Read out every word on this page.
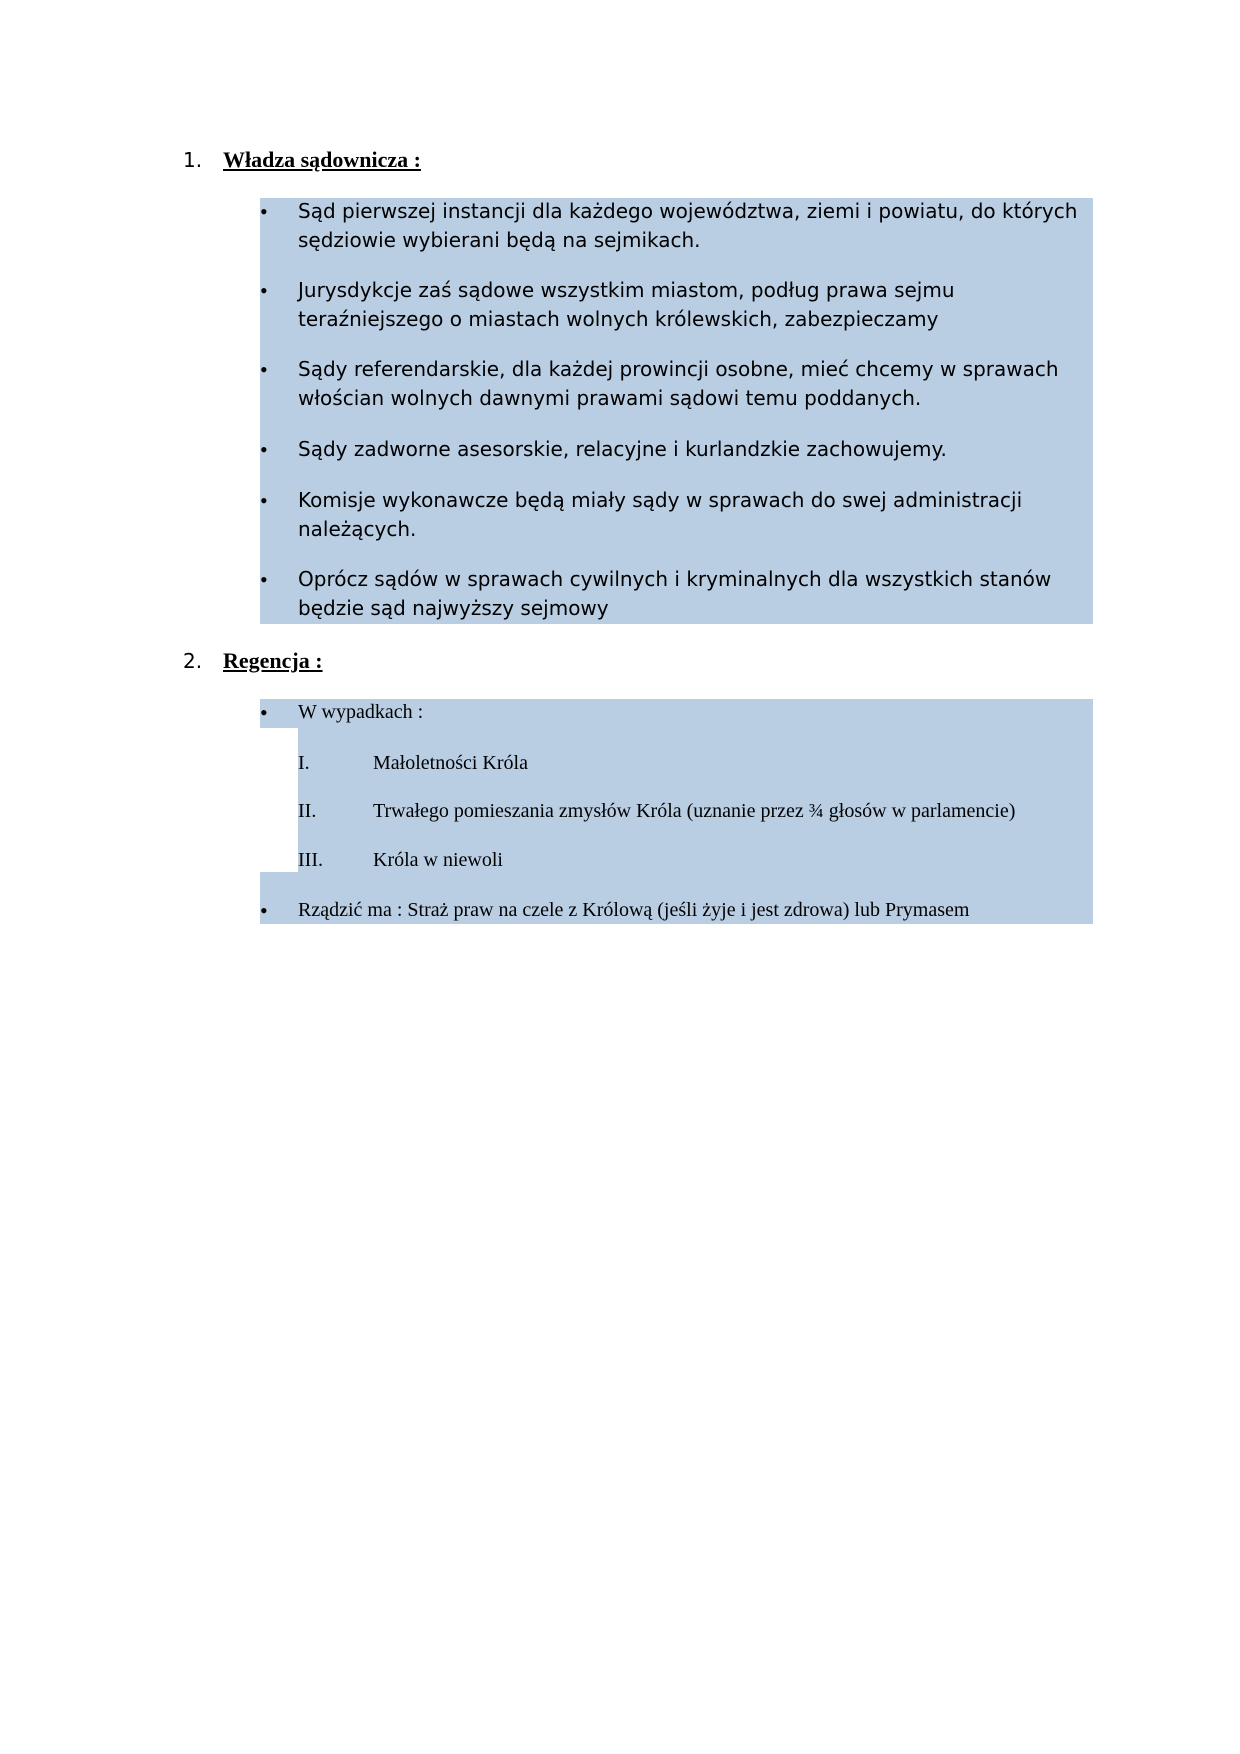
1. Władza sądownicza :
•
Sąd pierwszej instancji dla każdego województwa, ziemi i powiatu, do których sędziowie wybierani będą na sejmikach.
•
Jurysdykcje zaś sądowe wszystkim miastom, podług prawa sejmu teraźniejszego o miastach wolnych królewskich, zabezpieczamy
•
Sądy referendarskie, dla każdej prowincji osobne, mieć chcemy w sprawach włościan wolnych dawnymi prawami sądowi temu poddanych.
•
Sądy zadworne asesorskie, relacyjne i kurlandzkie zachowujemy.
•
Komisje wykonawcze będą miały sądy w sprawach do swej administracji należących.
•
Oprócz sądów w sprawach cywilnych i kryminalnych dla wszystkich stanów będzie sąd najwyższy sejmowy
2. Regencja :
•
W wypadkach :
I.	Małoletności Króla
II.	Trwałego pomieszania zmysłów Króla (uznanie przez ¾ głosów w parlamencie)
III.	Króla w niewoli
•
Rządzić ma : Straż praw na czele z Królową (jeśli żyje i jest zdrowa) lub Prymasem
